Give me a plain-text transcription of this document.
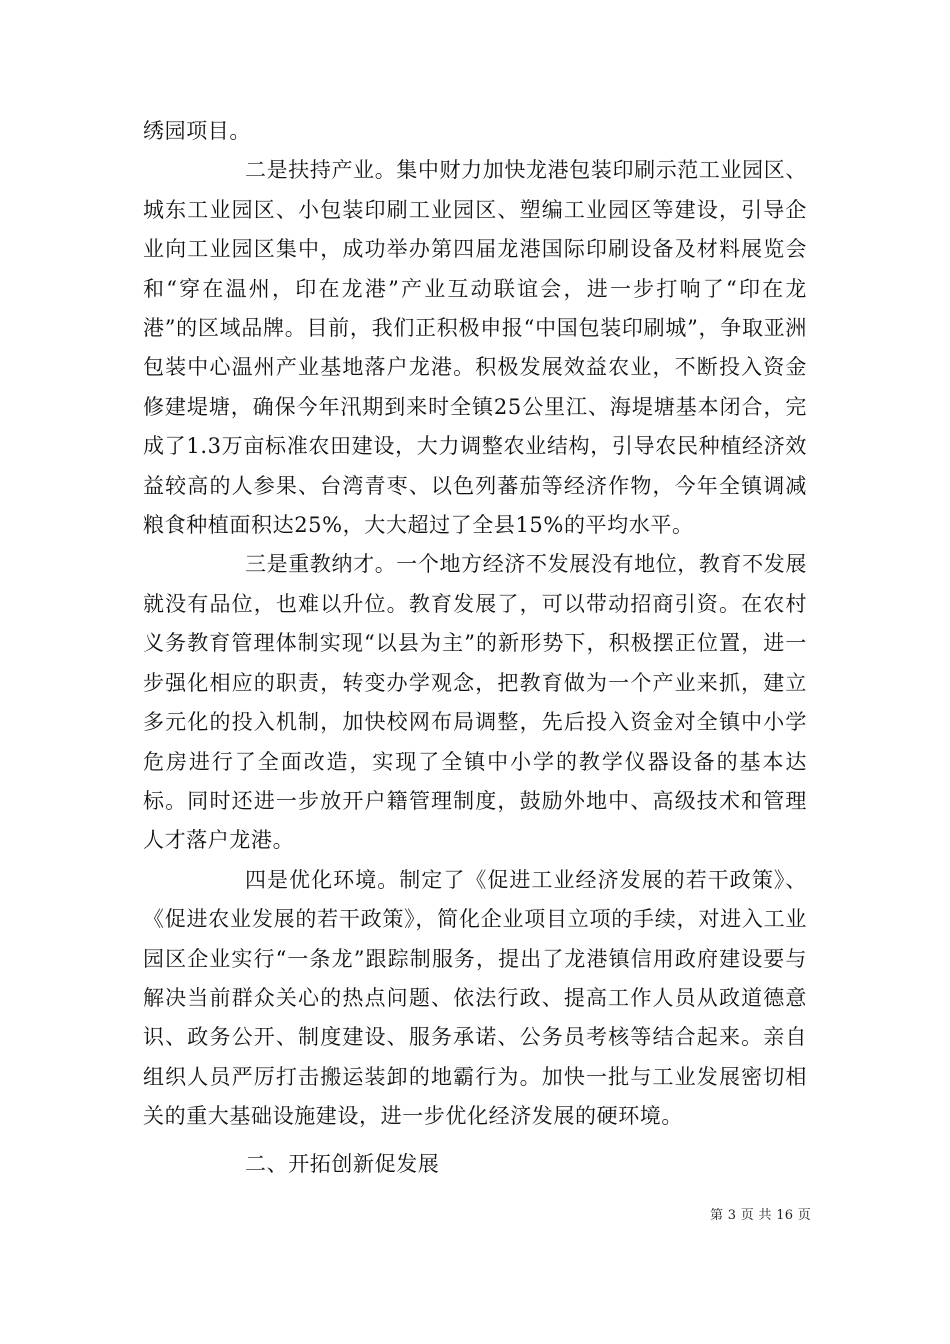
绣园项目。

二是扶持产业。集中财力加快龙港包装印刷示范工业园区、城东工业园区、小包装印刷工业园区、塑编工业园区等建设，引导企业向工业园区集中，成功举办第四届龙港国际印刷设备及材料展览会和“穿在温州，印在龙港”产业互动联谊会，进一步打响了“印在龙港”的区域品牌。目前，我们正积极申报“中国包装印刷城”，争取亚洲包装中心温州产业基地落户龙港。积极发展效益农业，不断投入资金修建堤塘，确保今年汛期到来时全镇25公里江、海堤塘基本闭合，完成了1.3万亩标准农田建设，大力调整农业结构，引导农民种植经济效益较高的人参果、台湾青枣、以色列蕃茄等经济作物，今年全镇调减粮食种植面积达25%，大大超过了全县15%的平均水平。

三是重教纳才。一个地方经济不发展没有地位，教育不发展就没有品位，也难以升位。教育发展了，可以带动招商引资。在农村义务教育管理体制实现“以县为主”的新形势下，积极摆正位置，进一步强化相应的职责，转变办学观念，把教育做为一个产业来抓，建立多元化的投入机制，加快校网布局调整，先后投入资金对全镇中小学危房进行了全面改造，实现了全镇中小学的教学仪器设备的基本达标。同时还进一步放开户籍管理制度，鼓励外地中、高级技术和管理人才落户龙港。

四是优化环境。制定了《促进工业经济发展的若干政策》、《促进农业发展的若干政策》，简化企业项目立项的手续，对进入工业园区企业实行“一条龙”跟踪制服务，提出了龙港镇信用政府建设要与解决当前群众关心的热点问题、依法行政、提高工作人员从政道德意识、政务公开、制度建设、服务承诺、公务员考核等结合起来。亲自组织人员严厉打击搬运装卸的地霸行为。加快一批与工业发展密切相关的重大基础设施建设，进一步优化经济发展的硬环境。

二、开拓创新促发展

第 3 页 共 16 页
